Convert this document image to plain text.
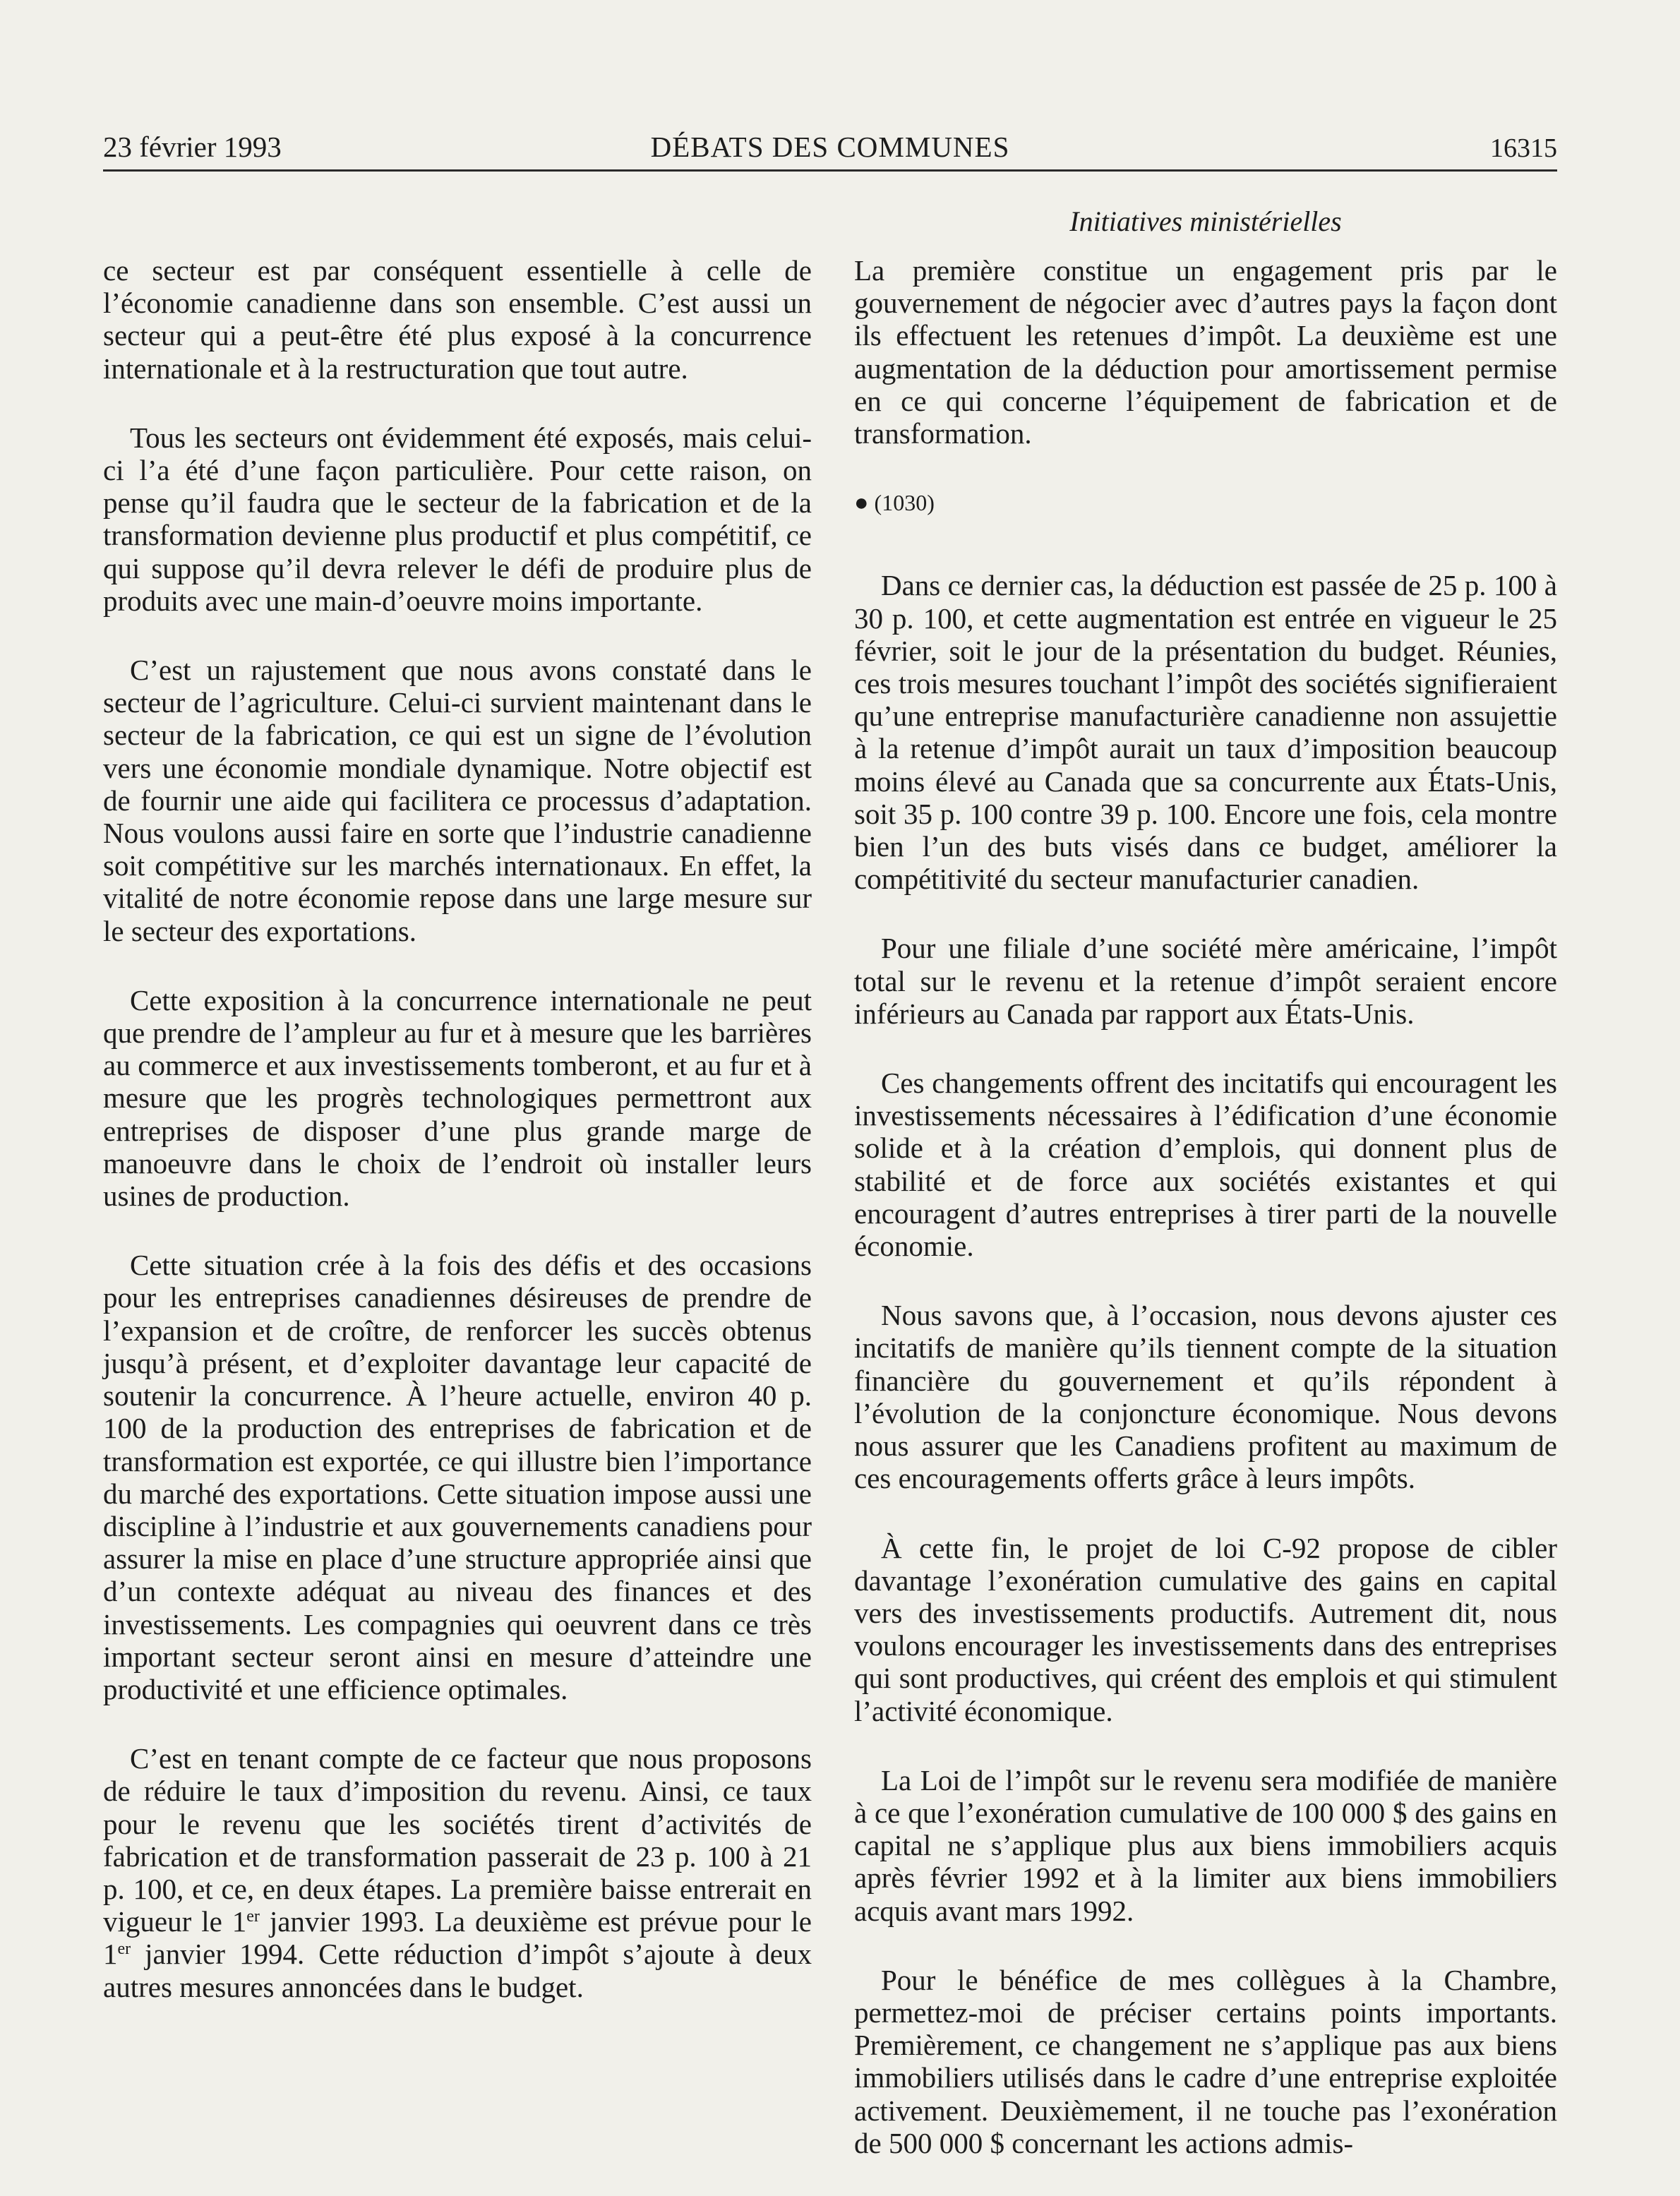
23 février 1993	DÉBATS DES COMMUNES	16315
Initiatives ministérielles

ce secteur est par conséquent essentielle à celle de l’économie canadienne dans son ensemble. C’est aussi un secteur qui a peut-être été plus exposé à la concurrence internationale et à la restructuration que tout autre.

Tous les secteurs ont évidemment été exposés, mais celui-ci l’a été d’une façon particulière. Pour cette raison, on pense qu’il faudra que le secteur de la fabrication et de la transformation devienne plus productif et plus compétitif, ce qui suppose qu’il devra relever le défi de produire plus de produits avec une main-d’oeuvre moins importante.

C’est un rajustement que nous avons constaté dans le secteur de l’agriculture. Celui-ci survient maintenant dans le secteur de la fabrication, ce qui est un signe de l’évolution vers une économie mondiale dynamique. Notre objectif est de fournir une aide qui facilitera ce processus d’adaptation. Nous voulons aussi faire en sorte que l’industrie canadienne soit compétitive sur les marchés internationaux. En effet, la vitalité de notre économie repose dans une large mesure sur le secteur des exportations.

Cette exposition à la concurrence internationale ne peut que prendre de l’ampleur au fur et à mesure que les barrières au commerce et aux investissements tomberont, et au fur et à mesure que les progrès technologiques permettront aux entreprises de disposer d’une plus grande marge de manoeuvre dans le choix de l’endroit où installer leurs usines de production.

Cette situation crée à la fois des défis et des occasions pour les entreprises canadiennes désireuses de prendre de l’expansion et de croître, de renforcer les succès obtenus jusqu’à présent, et d’exploiter davantage leur capacité de soutenir la concurrence. À l’heure actuelle, environ 40 p. 100 de la production des entreprises de fabrication et de transformation est exportée, ce qui illustre bien l’importance du marché des exportations. Cette situation impose aussi une discipline à l’industrie et aux gouvernements canadiens pour assurer la mise en place d’une structure appropriée ainsi que d’un contexte adéquat au niveau des finances et des investissements. Les compagnies qui oeuvrent dans ce très important secteur seront ainsi en mesure d’atteindre une productivité et une efficience optimales.

C’est en tenant compte de ce facteur que nous proposons de réduire le taux d’imposition du revenu. Ainsi, ce taux pour le revenu que les sociétés tirent d’activités de fabrication et de transformation passerait de 23 p. 100 à 21 p. 100, et ce, en deux étapes. La première baisse entrerait en vigueur le 1er janvier 1993. La deuxième est prévue pour le 1er janvier 1994. Cette réduction d’impôt s’ajoute à deux autres mesures annoncées dans le budget.

La première constitue un engagement pris par le gouvernement de négocier avec d’autres pays la façon dont ils effectuent les retenues d’impôt. La deuxième est une augmentation de la déduction pour amortissement permise en ce qui concerne l’équipement de fabrication et de transformation.

● (1030)

Dans ce dernier cas, la déduction est passée de 25 p. 100 à 30 p. 100, et cette augmentation est entrée en vigueur le 25 février, soit le jour de la présentation du budget. Réunies, ces trois mesures touchant l’impôt des sociétés signifieraient qu’une entreprise manufacturière canadienne non assujettie à la retenue d’impôt aurait un taux d’imposition beaucoup moins élevé au Canada que sa concurrente aux États-Unis, soit 35 p. 100 contre 39 p. 100. Encore une fois, cela montre bien l’un des buts visés dans ce budget, améliorer la compétitivité du secteur manufacturier canadien.

Pour une filiale d’une société mère américaine, l’impôt total sur le revenu et la retenue d’impôt seraient encore inférieurs au Canada par rapport aux États-Unis.

Ces changements offrent des incitatifs qui encouragent les investissements nécessaires à l’édification d’une économie solide et à la création d’emplois, qui donnent plus de stabilité et de force aux sociétés existantes et qui encouragent d’autres entreprises à tirer parti de la nouvelle économie.

Nous savons que, à l’occasion, nous devons ajuster ces incitatifs de manière qu’ils tiennent compte de la situation financière du gouvernement et qu’ils répondent à l’évolution de la conjoncture économique. Nous devons nous assurer que les Canadiens profitent au maximum de ces encouragements offerts grâce à leurs impôts.

À cette fin, le projet de loi C-92 propose de cibler davantage l’exonération cumulative des gains en capital vers des investissements productifs. Autrement dit, nous voulons encourager les investissements dans des entreprises qui sont productives, qui créent des emplois et qui stimulent l’activité économique.

La Loi de l’impôt sur le revenu sera modifiée de manière à ce que l’exonération cumulative de 100 000 $ des gains en capital ne s’applique plus aux biens immobiliers acquis après février 1992 et à la limiter aux biens immobiliers acquis avant mars 1992.

Pour le bénéfice de mes collègues à la Chambre, permettez-moi de préciser certains points importants. Premièrement, ce changement ne s’applique pas aux biens immobiliers utilisés dans le cadre d’une entreprise exploitée activement. Deuxièmement, il ne touche pas l’exonération de 500 000 $ concernant les actions admis-
